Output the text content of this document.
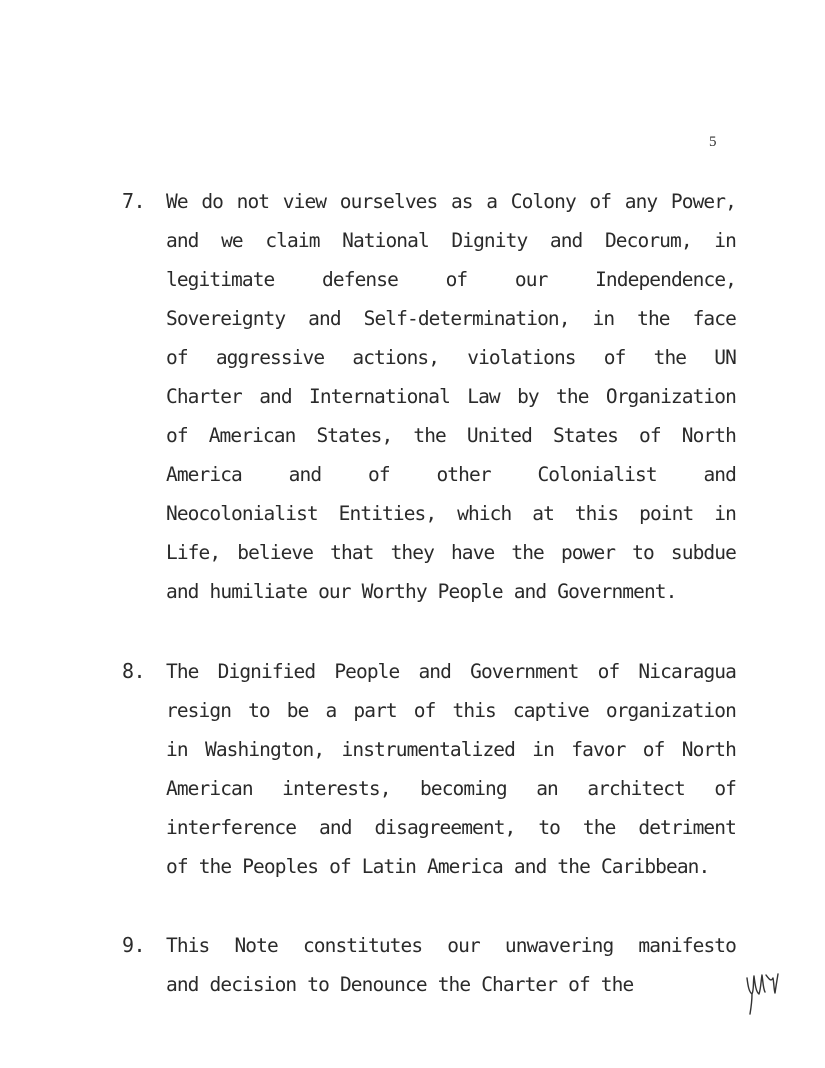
5
7. We do not view ourselves as a Colony of any Power,
and we claim National Dignity and Decorum, in
legitimate defense of our Independence,
Sovereignty and Self-determination, in the face
of aggressive actions, violations of the UN
Charter and International Law by the Organization
of American States, the United States of North
America and of other Colonialist and
Neocolonialist Entities, which at this point in
Life, believe that they have the power to subdue
and humiliate our Worthy People and Government.
8. The Dignified People and Government of Nicaragua
resign to be a part of this captive organization
in Washington, instrumentalized in favor of North
American interests, becoming an architect of
interference and disagreement, to the detriment
of the Peoples of Latin America and the Caribbean.
9. This Note constitutes our unwavering manifesto
and decision to Denounce the Charter of the
